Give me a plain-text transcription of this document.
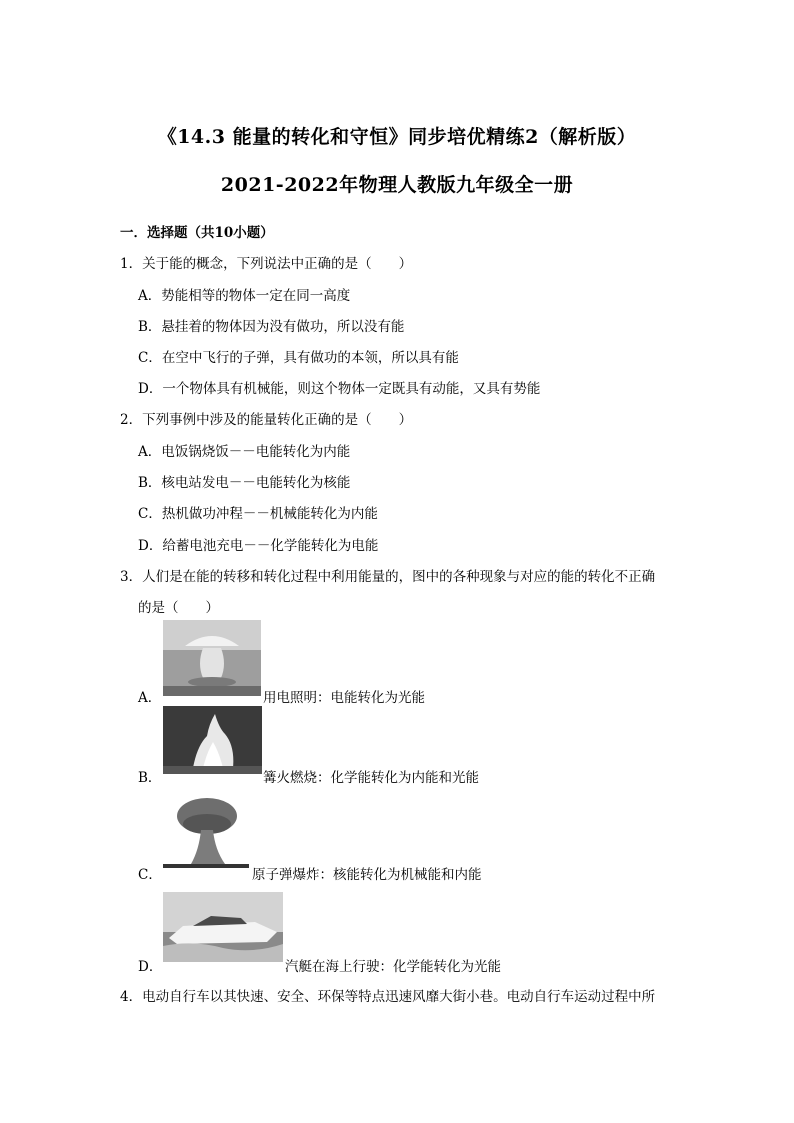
《14.3 能量的转化和守恒》同步培优精练2（解析版）
2021-2022年物理人教版九年级全一册
一．选择题（共10小题）
1．关于能的概念，下列说法中正确的是（　　）
A．势能相等的物体一定在同一高度
B．悬挂着的物体因为没有做功，所以没有能
C．在空中飞行的子弹，具有做功的本领，所以具有能
D．一个物体具有机械能，则这个物体一定既具有动能，又具有势能
2．下列事例中涉及的能量转化正确的是（　　）
A．电饭锅烧饭－－电能转化为内能
B．核电站发电－－电能转化为核能
C．热机做功冲程－－机械能转化为内能
D．给蓄电池充电－－化学能转化为电能
3．人们是在能的转移和转化过程中利用能量的，图中的各种现象与对应的能的转化不正确
的是（　　）
A．	用电照明：电能转化为光能
B．	篝火燃烧：化学能转化为内能和光能
C．	原子弹爆炸：核能转化为机械能和内能
D．	汽艇在海上行驶：化学能转化为光能
4．电动自行车以其快速、安全、环保等特点迅速风靡大街小巷。电动自行车运动过程中所
